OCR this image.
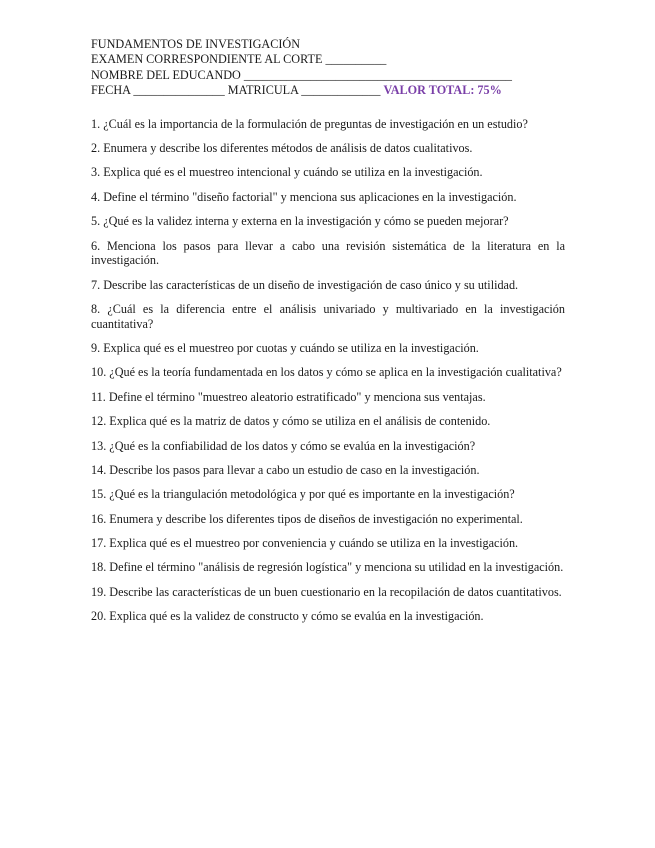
FUNDAMENTOS DE INVESTIGACIÓN
EXAMEN CORRESPONDIENTE AL CORTE __________
NOMBRE DEL EDUCANDO ____________________________________________
FECHA _______________ MATRICULA _____________ VALOR TOTAL: 75%

1. ¿Cuál es la importancia de la formulación de preguntas de investigación en un estudio?

2. Enumera y describe los diferentes métodos de análisis de datos cualitativos.

3. Explica qué es el muestreo intencional y cuándo se utiliza en la investigación.

4. Define el término "diseño factorial" y menciona sus aplicaciones en la investigación.

5. ¿Qué es la validez interna y externa en la investigación y cómo se pueden mejorar?

6. Menciona los pasos para llevar a cabo una revisión sistemática de la literatura en la investigación.

7. Describe las características de un diseño de investigación de caso único y su utilidad.

8. ¿Cuál es la diferencia entre el análisis univariado y multivariado en la investigación cuantitativa?

9. Explica qué es el muestreo por cuotas y cuándo se utiliza en la investigación.

10. ¿Qué es la teoría fundamentada en los datos y cómo se aplica en la investigación cualitativa?

11. Define el término "muestreo aleatorio estratificado" y menciona sus ventajas.

12. Explica qué es la matriz de datos y cómo se utiliza en el análisis de contenido.

13. ¿Qué es la confiabilidad de los datos y cómo se evalúa en la investigación?

14. Describe los pasos para llevar a cabo un estudio de caso en la investigación.

15. ¿Qué es la triangulación metodológica y por qué es importante en la investigación?

16. Enumera y describe los diferentes tipos de diseños de investigación no experimental.

17. Explica qué es el muestreo por conveniencia y cuándo se utiliza en la investigación.

18. Define el término "análisis de regresión logística" y menciona su utilidad en la investigación.

19. Describe las características de un buen cuestionario en la recopilación de datos cuantitativos.

20. Explica qué es la validez de constructo y cómo se evalúa en la investigación.
